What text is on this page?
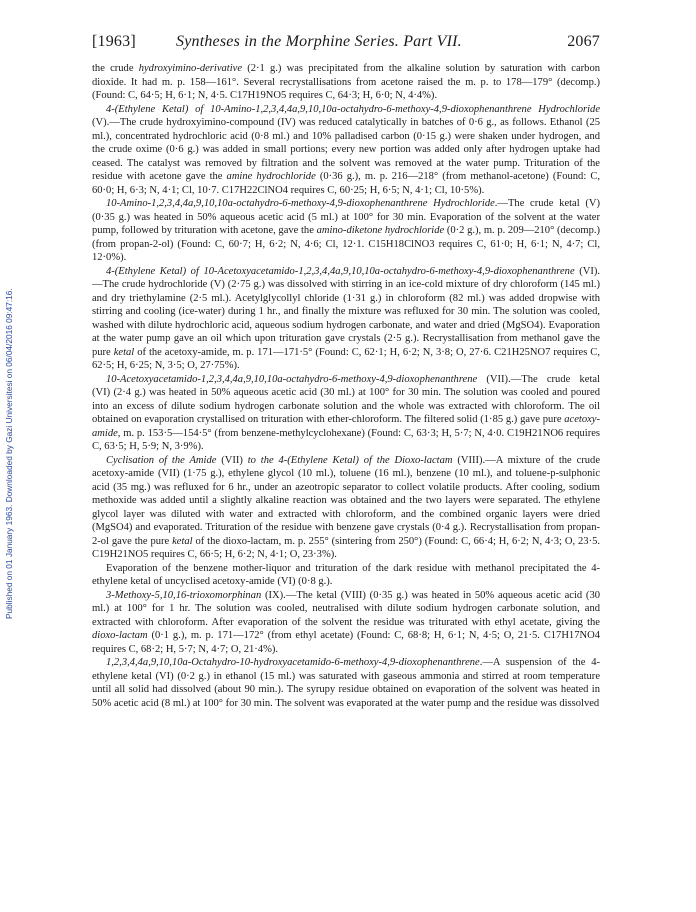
[1963]	Syntheses in the Morphine Series. Part VII.	2067
Published on 01 January 1963. Downloaded by Gazi Universitesi on 06/04/2016 09:47:16.

the crude hydroxyimino-derivative (2·1 g.) was precipitated from the alkaline solution by saturation with carbon dioxide. It had m. p. 158—161°. Several recrystallisations from acetone raised the m. p. to 178—179° (decomp.) (Found: C, 64·5; H, 6·1; N, 4·5. C17H19NO5 requires C, 64·3; H, 6·0; N, 4·4%).

4-(Ethylene Ketal) of 10-Amino-1,2,3,4,4a,9,10,10a-octahydro-6-methoxy-4,9-dioxophenanthrene Hydrochloride (V).—The crude hydroxyimino-compound (IV) was reduced catalytically in batches of 0·6 g., as follows. Ethanol (25 ml.), concentrated hydrochloric acid (0·8 ml.) and 10% palladised carbon (0·15 g.) were shaken under hydrogen, and the crude oxime (0·6 g.) was added in small portions; every new portion was added only after hydrogen uptake had ceased. The catalyst was removed by filtration and the solvent was removed at the water pump. Trituration of the residue with acetone gave the amine hydrochloride (0·36 g.), m. p. 216—218° (from methanol-acetone) (Found: C, 60·0; H, 6·3; N, 4·1; Cl, 10·7. C17H22ClNO4 requires C, 60·25; H, 6·5; N, 4·1; Cl, 10·5%).

10-Amino-1,2,3,4,4a,9,10,10a-octahydro-6-methoxy-4,9-dioxophenanthrene Hydrochloride.—The crude ketal (V) (0·35 g.) was heated in 50% aqueous acetic acid (5 ml.) at 100° for 30 min. Evaporation of the solvent at the water pump, followed by trituration with acetone, gave the amino-diketone hydrochloride (0·2 g.), m. p. 209—210° (decomp.) (from propan-2-ol) (Found: C, 60·7; H, 6·2; N, 4·6; Cl, 12·1. C15H18ClNO3 requires C, 61·0; H, 6·1; N, 4·7; Cl, 12·0%).

4-(Ethylene Ketal) of 10-Acetoxyacetamido-1,2,3,4,4a,9,10,10a-octahydro-6-methoxy-4,9-dioxophenanthrene (VI).—The crude hydrochloride (V) (2·75 g.) was dissolved with stirring in an ice-cold mixture of dry chloroform (145 ml.) and dry triethylamine (2·5 ml.). Acetylglycollyl chloride (1·31 g.) in chloroform (82 ml.) was added dropwise with stirring and cooling (ice-water) during 1 hr., and finally the mixture was refluxed for 30 min. The solution was cooled, washed with dilute hydrochloric acid, aqueous sodium hydrogen carbonate, and water and dried (MgSO4). Evaporation at the water pump gave an oil which upon trituration gave crystals (2·5 g.). Recrystallisation from methanol gave the pure ketal of the acetoxy-amide, m. p. 171—171·5° (Found: C, 62·1; H, 6·2; N, 3·8; O, 27·6. C21H25NO7 requires C, 62·5; H, 6·25; N, 3·5; O, 27·75%).

10-Acetoxyacetamido-1,2,3,4,4a,9,10,10a-octahydro-6-methoxy-4,9-dioxophenanthrene (VII).—The crude ketal (VI) (2·4 g.) was heated in 50% aqueous acetic acid (30 ml.) at 100° for 30 min. The solution was cooled and poured into an excess of dilute sodium hydrogen carbonate solution and the whole was extracted with chloroform. The oil obtained on evaporation crystallised on trituration with ether-chloroform. The filtered solid (1·85 g.) gave pure acetoxy-amide, m. p. 153·5—154·5° (from benzene-methylcyclohexane) (Found: C, 63·3; H, 5·7; N, 4·0. C19H21NO6 requires C, 63·5; H, 5·9; N, 3·9%).

Cyclisation of the Amide (VII) to the 4-(Ethylene Ketal) of the Dioxo-lactam (VIII).—A mixture of the crude acetoxy-amide (VII) (1·75 g.), ethylene glycol (10 ml.), toluene (16 ml.), benzene (10 ml.), and toluene-p-sulphonic acid (35 mg.) was refluxed for 6 hr., under an azeotropic separator to collect volatile products. After cooling, sodium methoxide was added until a slightly alkaline reaction was obtained and the two layers were separated. The ethylene glycol layer was diluted with water and extracted with chloroform, and the combined organic layers were dried (MgSO4) and evaporated. Trituration of the residue with benzene gave crystals (0·4 g.). Recrystallisation from propan-2-ol gave the pure ketal of the dioxo-lactam, m. p. 255° (sintering from 250°) (Found: C, 66·4; H, 6·2; N, 4·3; O, 23·5. C19H21NO5 requires C, 66·5; H, 6·2; N, 4·1; O, 23·3%).

Evaporation of the benzene mother-liquor and trituration of the dark residue with methanol precipitated the 4-ethylene ketal of uncyclised acetoxy-amide (VI) (0·8 g.).

3-Methoxy-5,10,16-trioxomorphinan (IX).—The ketal (VIII) (0·35 g.) was heated in 50% aqueous acetic acid (30 ml.) at 100° for 1 hr. The solution was cooled, neutralised with dilute sodium hydrogen carbonate solution, and extracted with chloroform. After evaporation of the solvent the residue was triturated with ethyl acetate, giving the dioxo-lactam (0·1 g.), m. p. 171—172° (from ethyl acetate) (Found: C, 68·8; H, 6·1; N, 4·5; O, 21·5. C17H17NO4 requires C, 68·2; H, 5·7; N, 4·7; O, 21·4%).

1,2,3,4,4a,9,10,10a-Octahydro-10-hydroxyacetamido-6-methoxy-4,9-dioxophenanthrene.—A suspension of the 4-ethylene ketal (VI) (0·2 g.) in ethanol (15 ml.) was saturated with gaseous ammonia and stirred at room temperature until all solid had dissolved (about 90 min.). The syrupy residue obtained on evaporation of the solvent was heated in 50% acetic acid (8 ml.) at 100° for 30 min. The solvent was evaporated at the water pump and the residue was dissolved
